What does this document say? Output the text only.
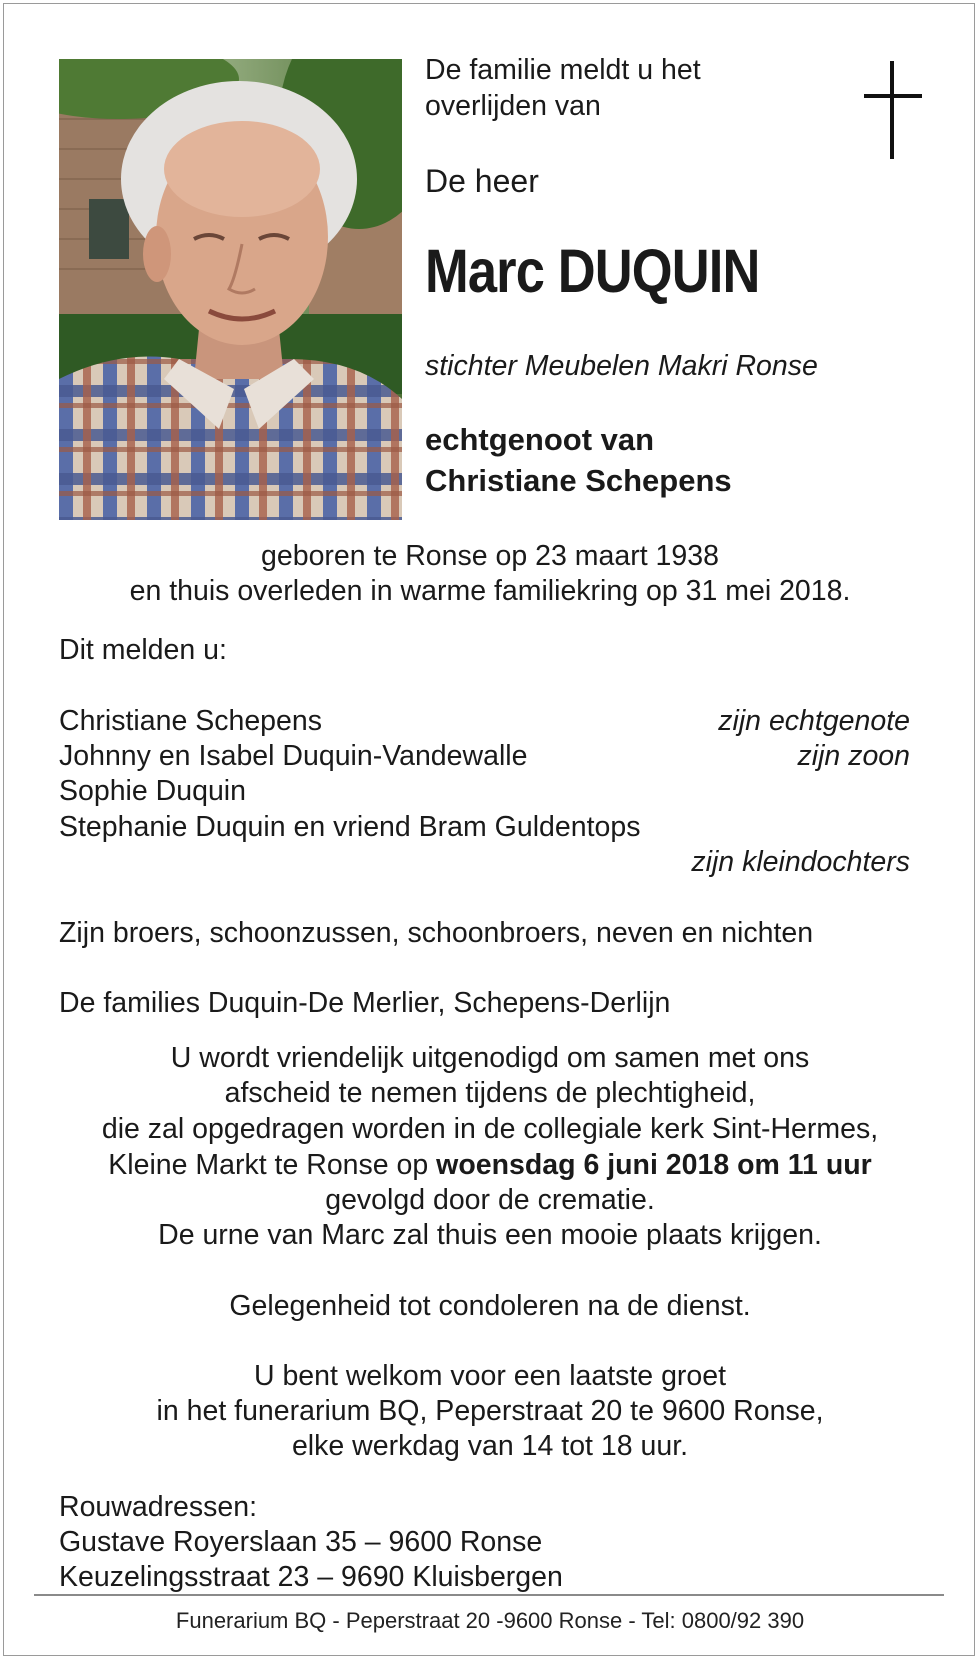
De familie meldt u het
overlijden van
De heer
Marc DUQUIN
stichter Meubelen Makri Ronse
echtgenoot van
Christiane Schepens
geboren te Ronse op 23 maart 1938
en thuis overleden in warme familiekring op 31 mei 2018.
Dit melden u:
Christiane Schepens	zijn echtgenote
Johnny en Isabel Duquin-Vandewalle	zijn zoon
Sophie Duquin
Stephanie Duquin en vriend Bram Guldentops
zijn kleindochters
Zijn broers, schoonzussen, schoonbroers, neven en nichten
De families Duquin-De Merlier, Schepens-Derlijn
U wordt vriendelijk uitgenodigd om samen met ons
afscheid te nemen tijdens de plechtigheid,
die zal opgedragen worden in de collegiale kerk Sint-Hermes,
Kleine Markt te Ronse op woensdag 6 juni 2018 om 11 uur
gevolgd door de crematie.
De urne van Marc zal thuis een mooie plaats krijgen.
Gelegenheid tot condoleren na de dienst.
U bent welkom voor een laatste groet
in het funerarium BQ, Peperstraat 20 te 9600 Ronse,
elke werkdag van 14 tot 18 uur.
Rouwadressen:
Gustave Royerslaan 35 – 9600 Ronse
Keuzelingsstraat 23 – 9690 Kluisbergen
Funerarium BQ - Peperstraat 20 -9600 Ronse - Tel: 0800/92 390
